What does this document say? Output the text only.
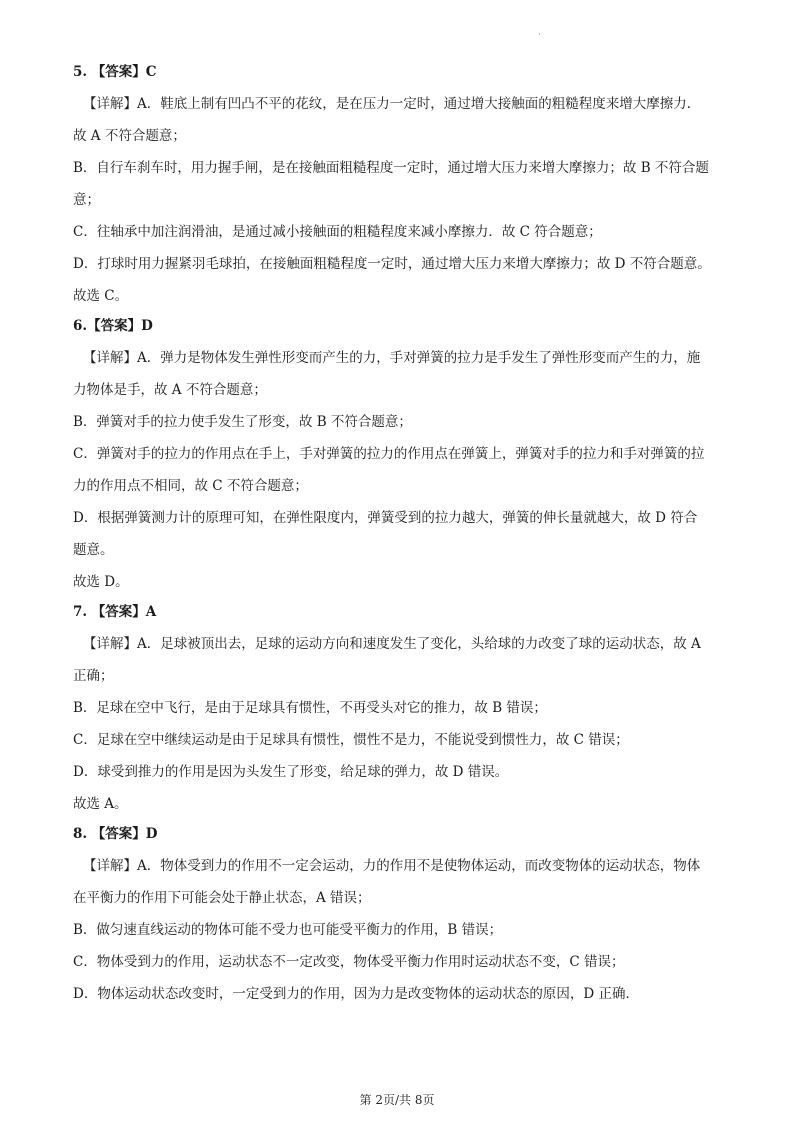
·

5. 【答案】C

【详解】A．鞋底上制有凹凸不平的花纹，是在压力一定时，通过增大接触面的粗糙程度来增大摩擦力．

故 A 不符合题意；

B．自行车刹车时，用力握手闸，是在接触面粗糙程度一定时，通过增大压力来增大摩擦力；故 B 不符合题

意；

C．往轴承中加注润滑油，是通过减小接触面的粗糙程度来减小摩擦力．故 C 符合题意；

D．打球时用力握紧羽毛球拍，在接触面粗糙程度一定时，通过增大压力来增大摩擦力；故 D 不符合题意。

故选 C。

6.【答案】D

【详解】A．弹力是物体发生弹性形变而产生的力，手对弹簧的拉力是手发生了弹性形变而产生的力，施

力物体是手，故 A 不符合题意；

B．弹簧对手的拉力使手发生了形变，故 B 不符合题意；

C．弹簧对手的拉力的作用点在手上，手对弹簧的拉力的作用点在弹簧上，弹簧对手的拉力和手对弹簧的拉

力的作用点不相同，故 C 不符合题意；

D．根据弹簧测力计的原理可知，在弹性限度内，弹簧受到的拉力越大，弹簧的伸长量就越大，故 D 符合

题意。

故选 D。

7. 【答案】A

【详解】A．足球被顶出去，足球的运动方向和速度发生了变化，头给球的力改变了球的运动状态，故 A

正确；

B．足球在空中飞行，是由于足球具有惯性，不再受头对它的推力，故 B 错误；

C．足球在空中继续运动是由于足球具有惯性，惯性不是力，不能说受到惯性力，故 C 错误；

D．球受到推力的作用是因为头发生了形变，给足球的弹力，故 D 错误。

故选 A。

8. 【答案】D

【详解】A．物体受到力的作用不一定会运动，力的作用不是使物体运动，而改变物体的运动状态，物体

在平衡力的作用下可能会处于静止状态，A 错误；

B．做匀速直线运动的物体可能不受力也可能受平衡力的作用，B 错误；

C．物体受到力的作用，运动状态不一定改变，物体受平衡力作用时运动状态不变，C 错误；

D．物体运动状态改变时，一定受到力的作用，因为力是改变物体的运动状态的原因，D 正确．

第 2页/共 8页
